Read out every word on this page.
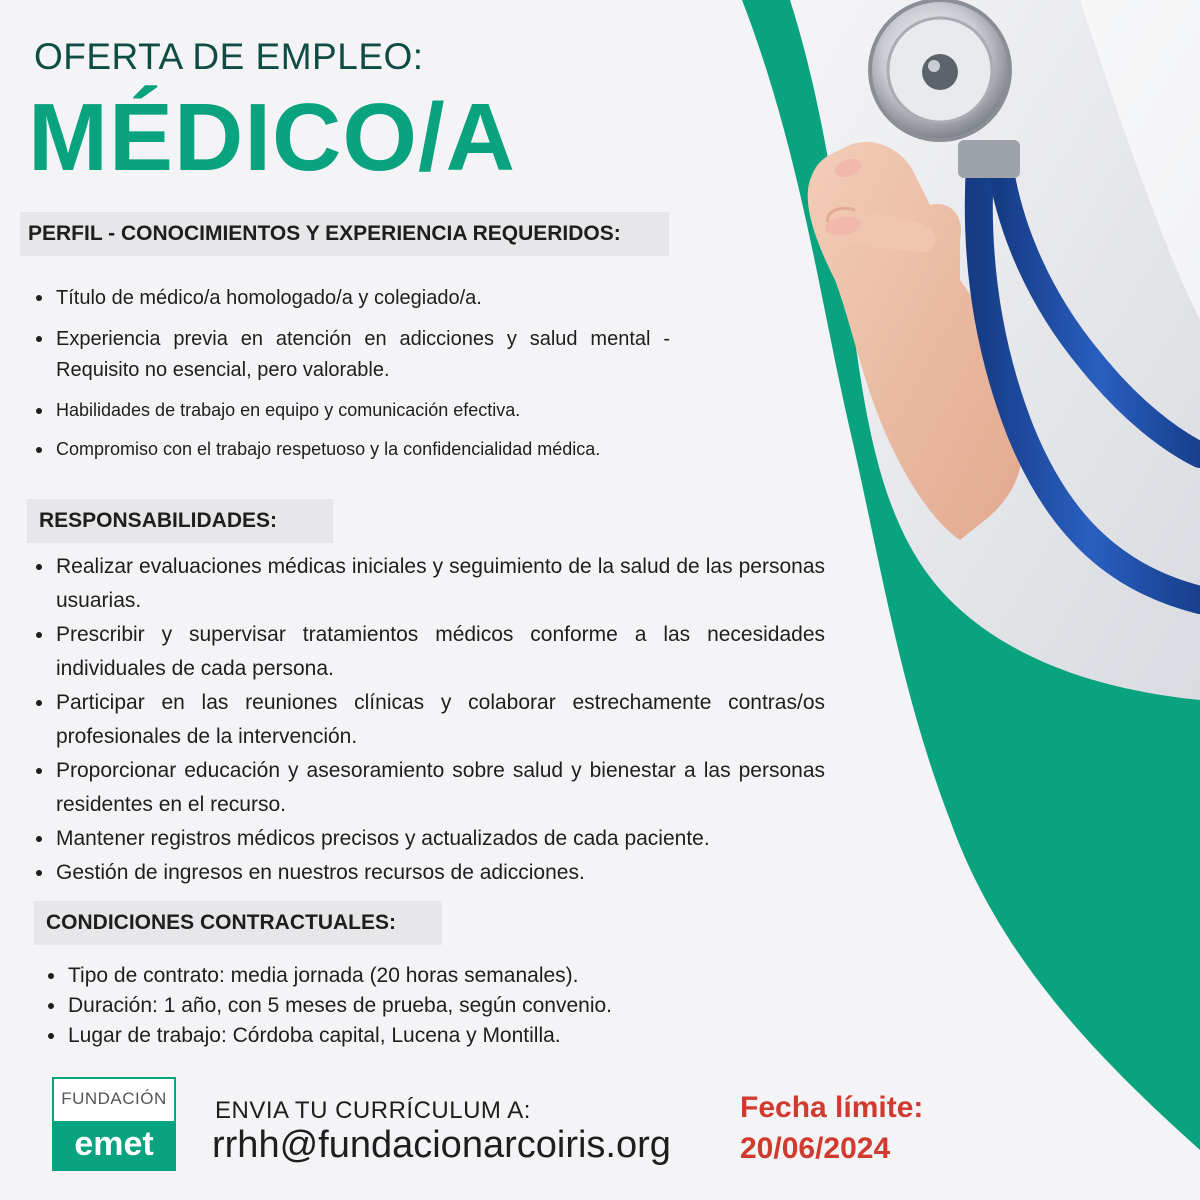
OFERTA DE EMPLEO:
MÉDICO/A
PERFIL - CONOCIMIENTOS Y EXPERIENCIA REQUERIDOS:
Título de médico/a homologado/a y colegiado/a.
Experiencia previa en atención en adicciones y salud mental - Requisito no esencial, pero valorable.
Habilidades de trabajo en equipo y comunicación efectiva.
Compromiso con el trabajo respetuoso y la confidencialidad médica.
RESPONSABILIDADES:
Realizar evaluaciones médicas iniciales y seguimiento de la salud de las personas usuarias.
Prescribir y supervisar tratamientos médicos conforme a las necesidades individuales de cada persona.
Participar en las reuniones clínicas y colaborar estrechamente contras/os profesionales de la intervención.
Proporcionar educación y asesoramiento sobre salud y bienestar a las personas residentes en el recurso.
Mantener registros médicos precisos y actualizados de cada paciente.
Gestión de ingresos en nuestros recursos de adicciones.
CONDICIONES CONTRACTUALES:
Tipo de contrato: media jornada (20 horas semanales).
Duración: 1 año, con 5 meses de prueba, según convenio.
Lugar de trabajo: Córdoba capital, Lucena y Montilla.
FUNDACIÓN
emet
ENVIA TU CURRÍCULUM A:
rrhh@fundacionarcoiris.org
Fecha límite:
20/06/2024
